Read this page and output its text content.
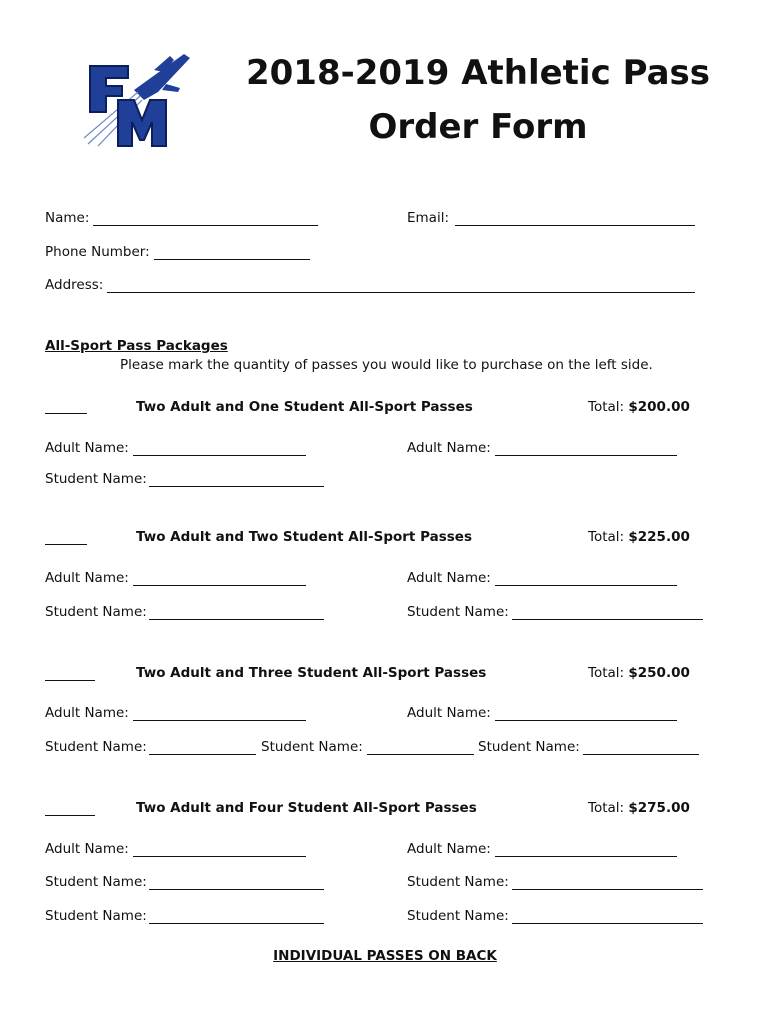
2018-2019 Athletic Pass
Order Form
Name:	Email:
Phone Number:
Address:
All-Sport Pass Packages
Please mark the quantity of passes you would like to purchase on the left side.
Two Adult and One Student All-Sport Passes	Total: $200.00
Adult Name:	Adult Name:
Student Name:
Two Adult and Two Student All-Sport Passes	Total: $225.00
Adult Name:	Adult Name:
Student Name:	Student Name:
Two Adult and Three Student All-Sport Passes	Total: $250.00
Adult Name:	Adult Name:
Student Name:	Student Name:	Student Name:
Two Adult and Four Student All-Sport Passes	Total: $275.00
Adult Name:	Adult Name:
Student Name:	Student Name:
Student Name:	Student Name:
INDIVIDUAL PASSES ON BACK
